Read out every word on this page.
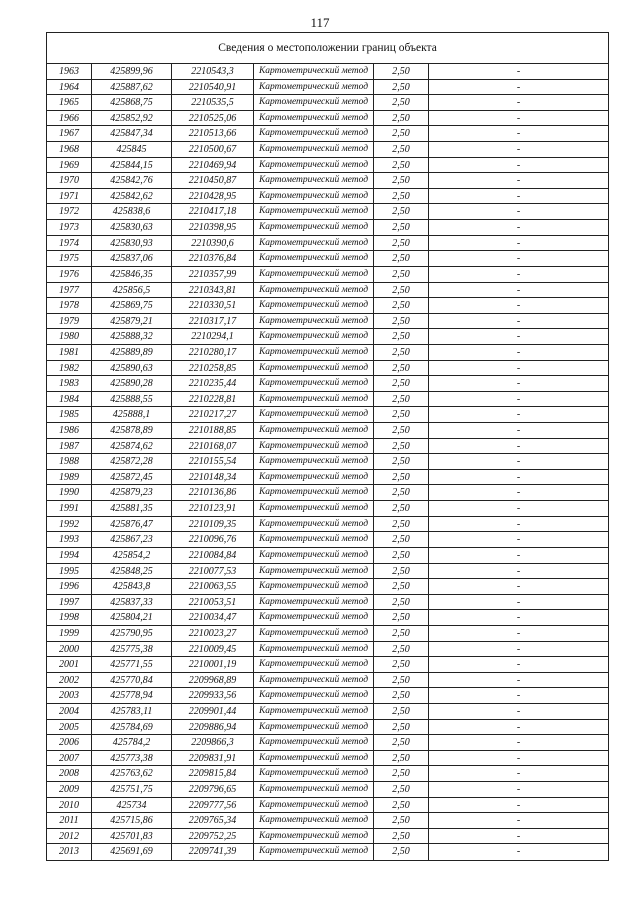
117
Сведения о местоположении границ объекта
1963	425899,96	2210543,3	Картометрический метод	2,50	-
1964	425887,62	2210540,91	Картометрический метод	2,50	-
1965	425868,75	2210535,5	Картометрический метод	2,50	-
1966	425852,92	2210525,06	Картометрический метод	2,50	-
1967	425847,34	2210513,66	Картометрический метод	2,50	-
1968	425845	2210500,67	Картометрический метод	2,50	-
1969	425844,15	2210469,94	Картометрический метод	2,50	-
1970	425842,76	2210450,87	Картометрический метод	2,50	-
1971	425842,62	2210428,95	Картометрический метод	2,50	-
1972	425838,6	2210417,18	Картометрический метод	2,50	-
1973	425830,63	2210398,95	Картометрический метод	2,50	-
1974	425830,93	2210390,6	Картометрический метод	2,50	-
1975	425837,06	2210376,84	Картометрический метод	2,50	-
1976	425846,35	2210357,99	Картометрический метод	2,50	-
1977	425856,5	2210343,81	Картометрический метод	2,50	-
1978	425869,75	2210330,51	Картометрический метод	2,50	-
1979	425879,21	2210317,17	Картометрический метод	2,50	-
1980	425888,32	2210294,1	Картометрический метод	2,50	-
1981	425889,89	2210280,17	Картометрический метод	2,50	-
1982	425890,63	2210258,85	Картометрический метод	2,50	-
1983	425890,28	2210235,44	Картометрический метод	2,50	-
1984	425888,55	2210228,81	Картометрический метод	2,50	-
1985	425888,1	2210217,27	Картометрический метод	2,50	-
1986	425878,89	2210188,85	Картометрический метод	2,50	-
1987	425874,62	2210168,07	Картометрический метод	2,50	-
1988	425872,28	2210155,54	Картометрический метод	2,50	-
1989	425872,45	2210148,34	Картометрический метод	2,50	-
1990	425879,23	2210136,86	Картометрический метод	2,50	-
1991	425881,35	2210123,91	Картометрический метод	2,50	-
1992	425876,47	2210109,35	Картометрический метод	2,50	-
1993	425867,23	2210096,76	Картометрический метод	2,50	-
1994	425854,2	2210084,84	Картометрический метод	2,50	-
1995	425848,25	2210077,53	Картометрический метод	2,50	-
1996	425843,8	2210063,55	Картометрический метод	2,50	-
1997	425837,33	2210053,51	Картометрический метод	2,50	-
1998	425804,21	2210034,47	Картометрический метод	2,50	-
1999	425790,95	2210023,27	Картометрический метод	2,50	-
2000	425775,38	2210009,45	Картометрический метод	2,50	-
2001	425771,55	2210001,19	Картометрический метод	2,50	-
2002	425770,84	2209968,89	Картометрический метод	2,50	-
2003	425778,94	2209933,56	Картометрический метод	2,50	-
2004	425783,11	2209901,44	Картометрический метод	2,50	-
2005	425784,69	2209886,94	Картометрический метод	2,50	-
2006	425784,2	2209866,3	Картометрический метод	2,50	-
2007	425773,38	2209831,91	Картометрический метод	2,50	-
2008	425763,62	2209815,84	Картометрический метод	2,50	-
2009	425751,75	2209796,65	Картометрический метод	2,50	-
2010	425734	2209777,56	Картометрический метод	2,50	-
2011	425715,86	2209765,34	Картометрический метод	2,50	-
2012	425701,83	2209752,25	Картометрический метод	2,50	-
2013	425691,69	2209741,39	Картометрический метод	2,50	-
